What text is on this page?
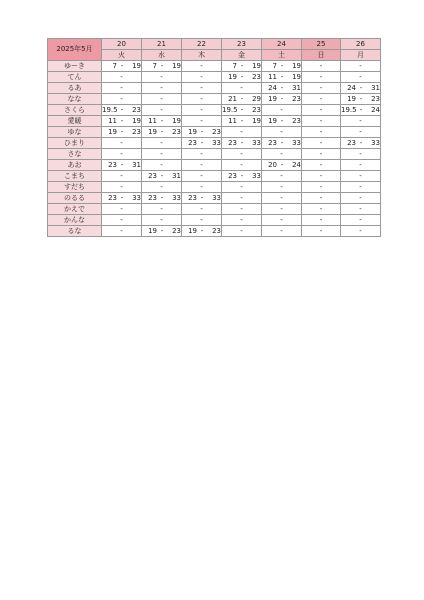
2025年5月	20	21	22	23	24	25	26
	火	水	木	金	土	日	月
ゆーき	7 - 19	7 - 19	-	7 - 19	7 - 19	-	-

てん	-	-	-	19 - 23	11 - 19	-	-

るあ	-	-	-	-	24 - 31	-	24 - 31

なな	-	-	-	21 - 29	19 - 23	-	19 - 23

さくら	19.5 - 23	-	-	19.5 - 23	-	-	19.5 - 24

愛暖	11 - 19	11 - 19	-	11 - 19	19 - 23	-	-

ゆな	19 - 23	19 - 23	19 - 23	-	-	-	-

ひまり	-	-	23 - 33	23 - 33	23 - 33	-	23 - 33

さな	-	-	-	-	-	-	-

あお	23 - 31	-	-	-	20 - 24	-	-

こまち	-	23 - 31	-	23 - 33	-	-	-

すだち	-	-	-	-	-	-	-

のるる	23 - 33	23 - 33	23 - 33	-	-	-	-

かえで	-	-	-	-	-	-	-

かんな	-	-	-	-	-	-	-

るな	-	19 - 23	19 - 23	-	-	-	-
